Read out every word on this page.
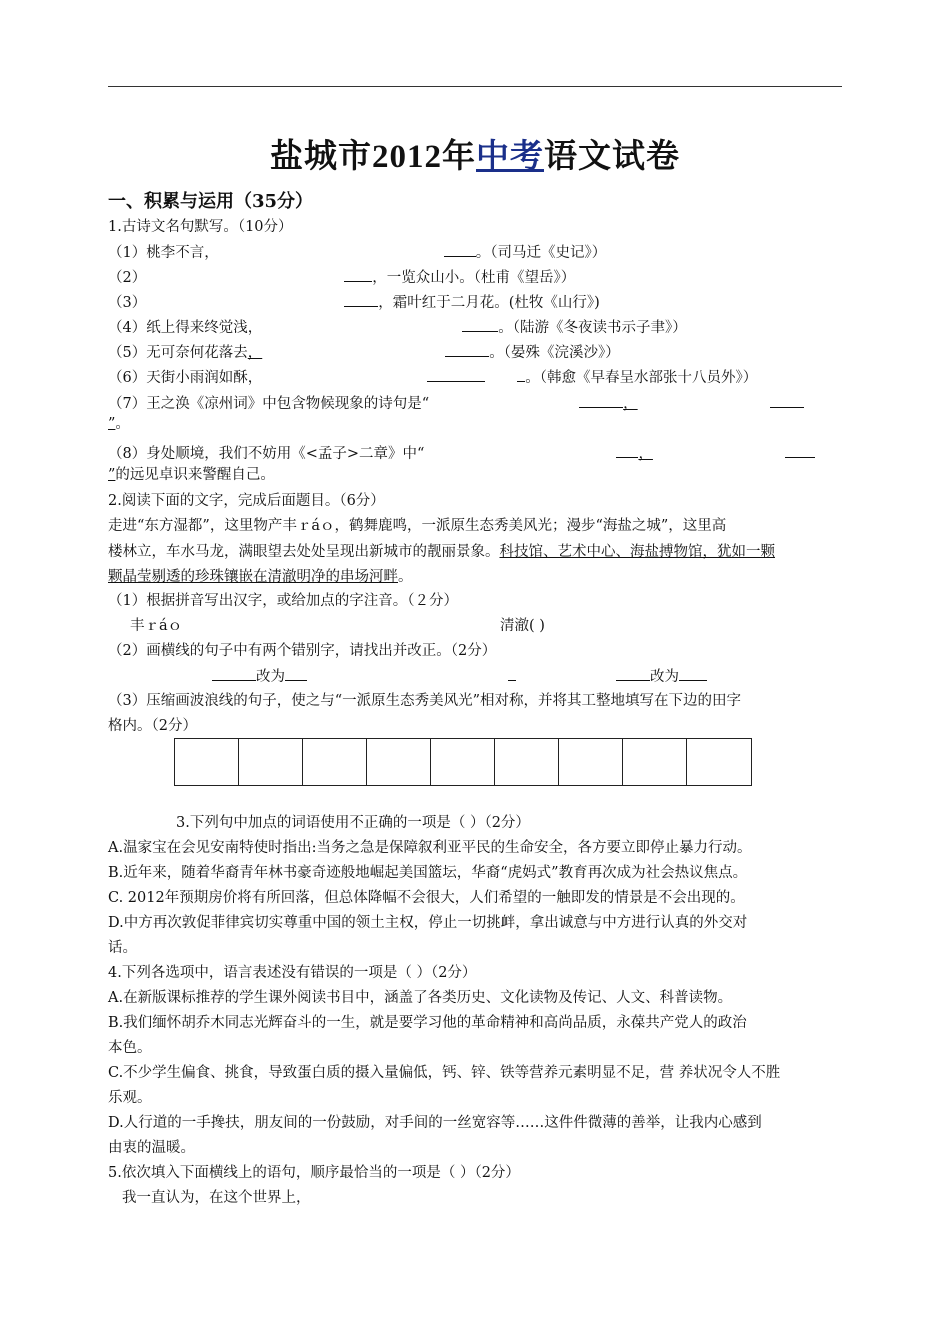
盐城市2012年中考语文试卷
一、积累与运用（35分）
1.古诗文名句默写。（10分）
（1）桃李不言，	。（司马迁《史记》）
（2）	，一览众山小。（杜甫《望岳》）
（3）	，霜叶红于二月花。(杜牧《山行》)
（4）纸上得来终觉浅，	。（陆游《冬夜读书示子聿》）
（5）无可奈何花落去，	。（晏殊《浣溪沙》）
（6）天街小雨润如酥，	。（韩愈《早春呈水部张十八员外》）
（7）王之涣《凉州词》中包含物候现象的诗句是“	，
”。
（8）身处顺境，我们不妨用《<孟子>二章》中“	，
”的远见卓识来警醒自己。
2.阅读下面的文字，完成后面题目。（6分）
走进“东方湿都”，这里物产丰ｒáｏ，鹤舞鹿鸣，一派原生态秀美风光；漫步“海盐之城”，这里高
楼林立，车水马龙，满眼望去处处呈现出新城市的靓丽景象。科技馆、艺术中心、海盐搏物馆，犹如一颗
颗晶莹剔透的珍珠镶嵌在清澈明净的串场河畔。
（1）根据拼音写出汉字，或给加点的字注音。（２分）
丰ｒáｏ	清澈( )
（2）画横线的句子中有两个错别字，请找出并改正。（2分）
改为	改为
（3）压缩画波浪线的句子，使之与“一派原生态秀美风光”相对称，并将其工整地填写在下边的田字
格内。（2分）
3.下列句中加点的词语使用不正确的一项是（ ）（2分）
A.温家宝在会见安南特使时指出:当务之急是保障叙利亚平民的生命安全，各方要立即停止暴力行动。
B.近年来，随着华裔青年林书豪奇迹般地崛起美国篮坛，华裔“虎妈式”教育再次成为社会热议焦点。
C. 2012年预期房价将有所回落，但总体降幅不会很大，人们希望的一触即发的情景是不会出现的。
D.中方再次敦促菲律宾切实尊重中国的领土主权，停止一切挑衅，拿出诚意与中方进行认真的外交对
话。
4.下列各选项中，语言表述没有错误的一项是（ ）（2分）
A.在新版课标推荐的学生课外阅读书目中，涵盖了各类历史、文化读物及传记、人文、科普读物。
B.我们缅怀胡乔木同志光辉奋斗的一生，就是要学习他的革命精神和高尚品质，永葆共产党人的政治
本色。
C.不少学生偏食、挑食，导致蛋白质的摄入量偏低，钙、锌、铁等营养元素明显不足，营 养状况令人不胜
乐观。
D.人行道的一手搀扶，朋友间的一份鼓励，对手间的一丝宽容等……这件件微薄的善举，让我内心感到
由衷的温暖。
5.依次填入下面横线上的语句，顺序最恰当的一项是（ ）（2分）
我一直认为，在这个世界上，
